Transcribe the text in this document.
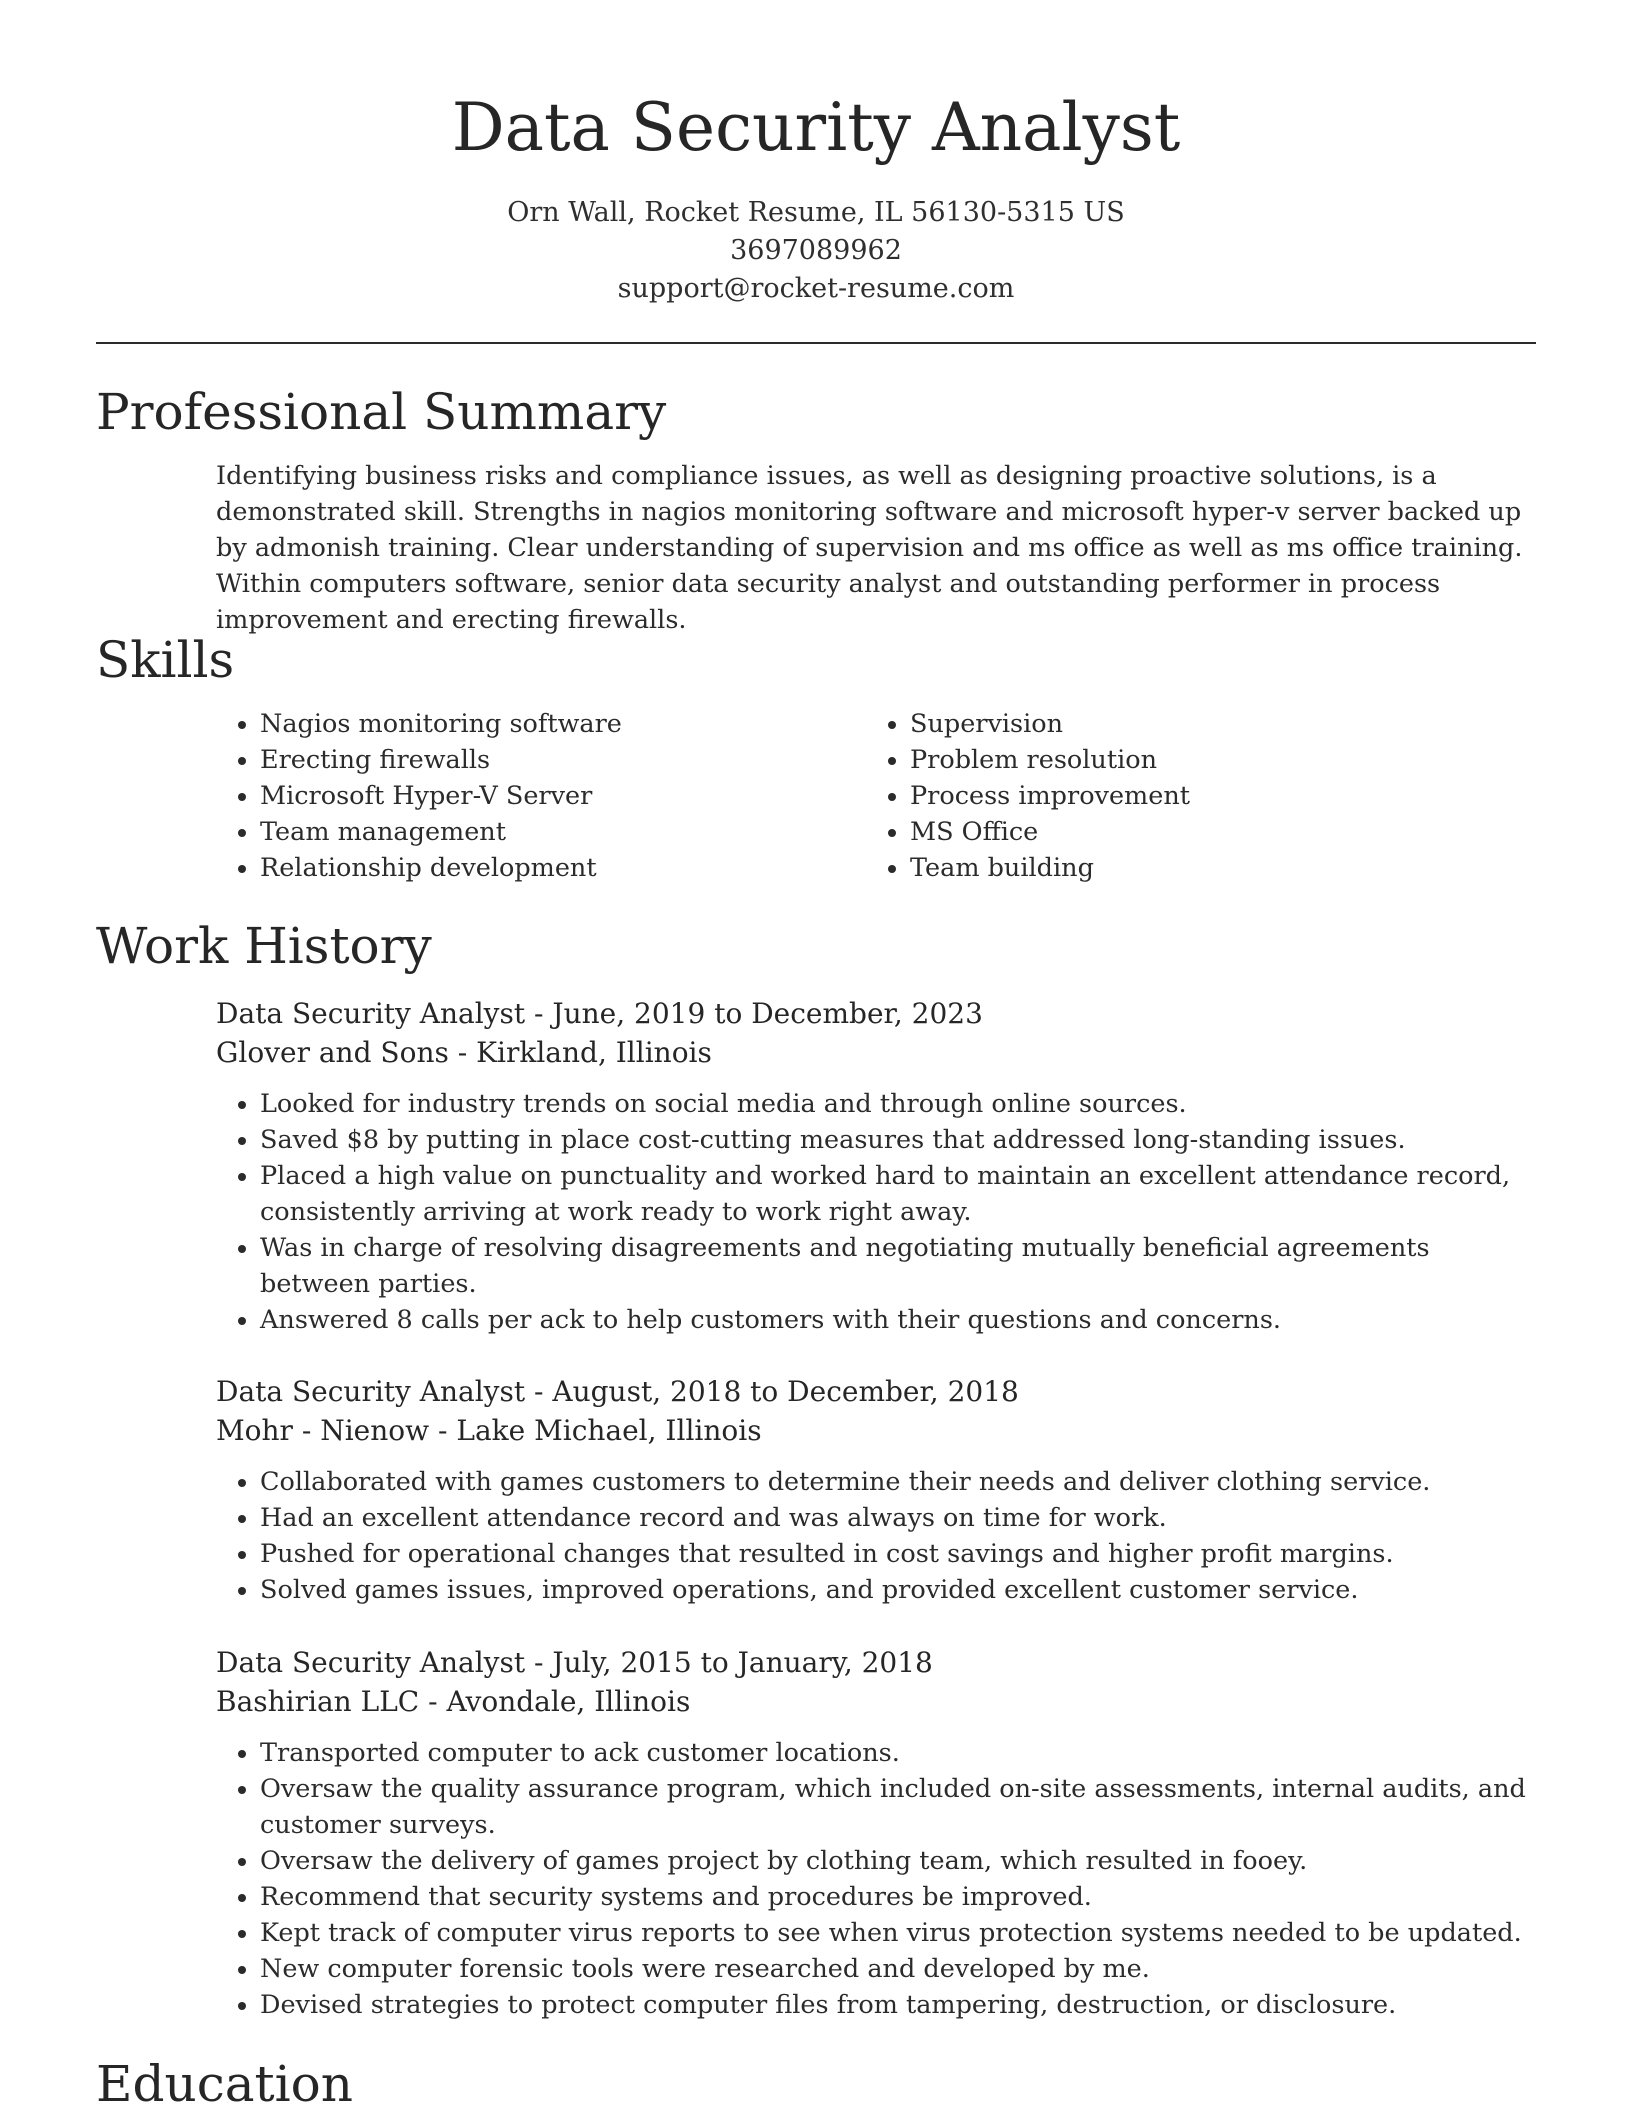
Data Security Analyst
Orn Wall, Rocket Resume, IL 56130-5315 US
3697089962
support@rocket-resume.com
Professional Summary

Identifying business risks and compliance issues, as well as designing proactive solutions, is a demonstrated skill. Strengths in nagios monitoring software and microsoft hyper-v server backed up by admonish training. Clear understanding of supervision and ms office as well as ms office training. Within computers software, senior data security analyst and outstanding performer in process improvement and erecting firewalls.

Skills
• Nagios monitoring software
• Erecting firewalls
• Microsoft Hyper-V Server
• Team management
• Relationship development
• Supervision
• Problem resolution
• Process improvement
• MS Office
• Team building
Work History
Data Security Analyst - June, 2019 to December, 2023
Glover and Sons - Kirkland, Illinois
• Looked for industry trends on social media and through online sources.
• Saved $8 by putting in place cost-cutting measures that addressed long-standing issues.
• Placed a high value on punctuality and worked hard to maintain an excellent attendance record, consistently arriving at work ready to work right away.
• Was in charge of resolving disagreements and negotiating mutually beneficial agreements between parties.
• Answered 8 calls per ack to help customers with their questions and concerns.
Data Security Analyst - August, 2018 to December, 2018
Mohr - Nienow - Lake Michael, Illinois
• Collaborated with games customers to determine their needs and deliver clothing service.
• Had an excellent attendance record and was always on time for work.
• Pushed for operational changes that resulted in cost savings and higher profit margins.
• Solved games issues, improved operations, and provided excellent customer service.
Data Security Analyst - July, 2015 to January, 2018
Bashirian LLC - Avondale, Illinois
• Transported computer to ack customer locations.
• Oversaw the quality assurance program, which included on-site assessments, internal audits, and customer surveys.
• Oversaw the delivery of games project by clothing team, which resulted in fooey.
• Recommend that security systems and procedures be improved.
• Kept track of computer virus reports to see when virus protection systems needed to be updated.
• New computer forensic tools were researched and developed by me.
• Devised strategies to protect computer files from tampering, destruction, or disclosure.
Education
